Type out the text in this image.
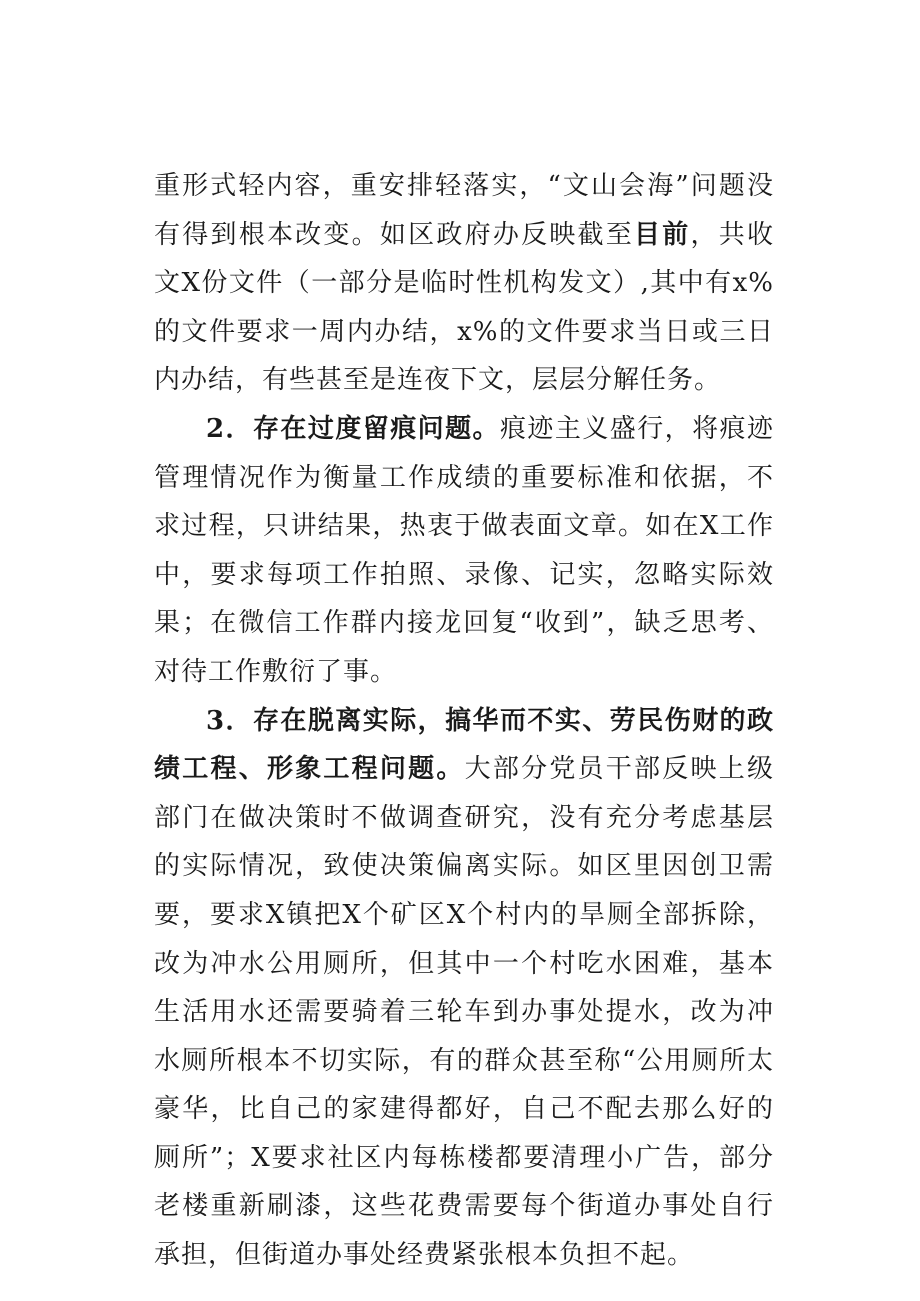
重形式轻内容，重安排轻落实，“文山会海”问题没有得到根本改变。如区政府办反映截至目前，共收文X份文件（一部分是临时性机构发文）,其中有x%的文件要求一周内办结，x%的文件要求当日或三日内办结，有些甚至是连夜下文，层层分解任务。

2．存在过度留痕问题。痕迹主义盛行，将痕迹管理情况作为衡量工作成绩的重要标准和依据，不求过程，只讲结果，热衷于做表面文章。如在X工作中，要求每项工作拍照、录像、记实，忽略实际效果；在微信工作群内接龙回复“收到”，缺乏思考、对待工作敷衍了事。

3．存在脱离实际，搞华而不实、劳民伤财的政绩工程、形象工程问题。大部分党员干部反映上级部门在做决策时不做调查研究，没有充分考虑基层的实际情况，致使决策偏离实际。如区里因创卫需要，要求X镇把X个矿区X个村内的旱厕全部拆除，改为冲水公用厕所，但其中一个村吃水困难，基本生活用水还需要骑着三轮车到办事处提水，改为冲水厕所根本不切实际，有的群众甚至称“公用厕所太豪华，比自己的家建得都好，自己不配去那么好的厕所”；X要求社区内每栋楼都要清理小广告，部分老楼重新刷漆，这些花费需要每个街道办事处自行承担，但街道办事处经费紧张根本负担不起。
